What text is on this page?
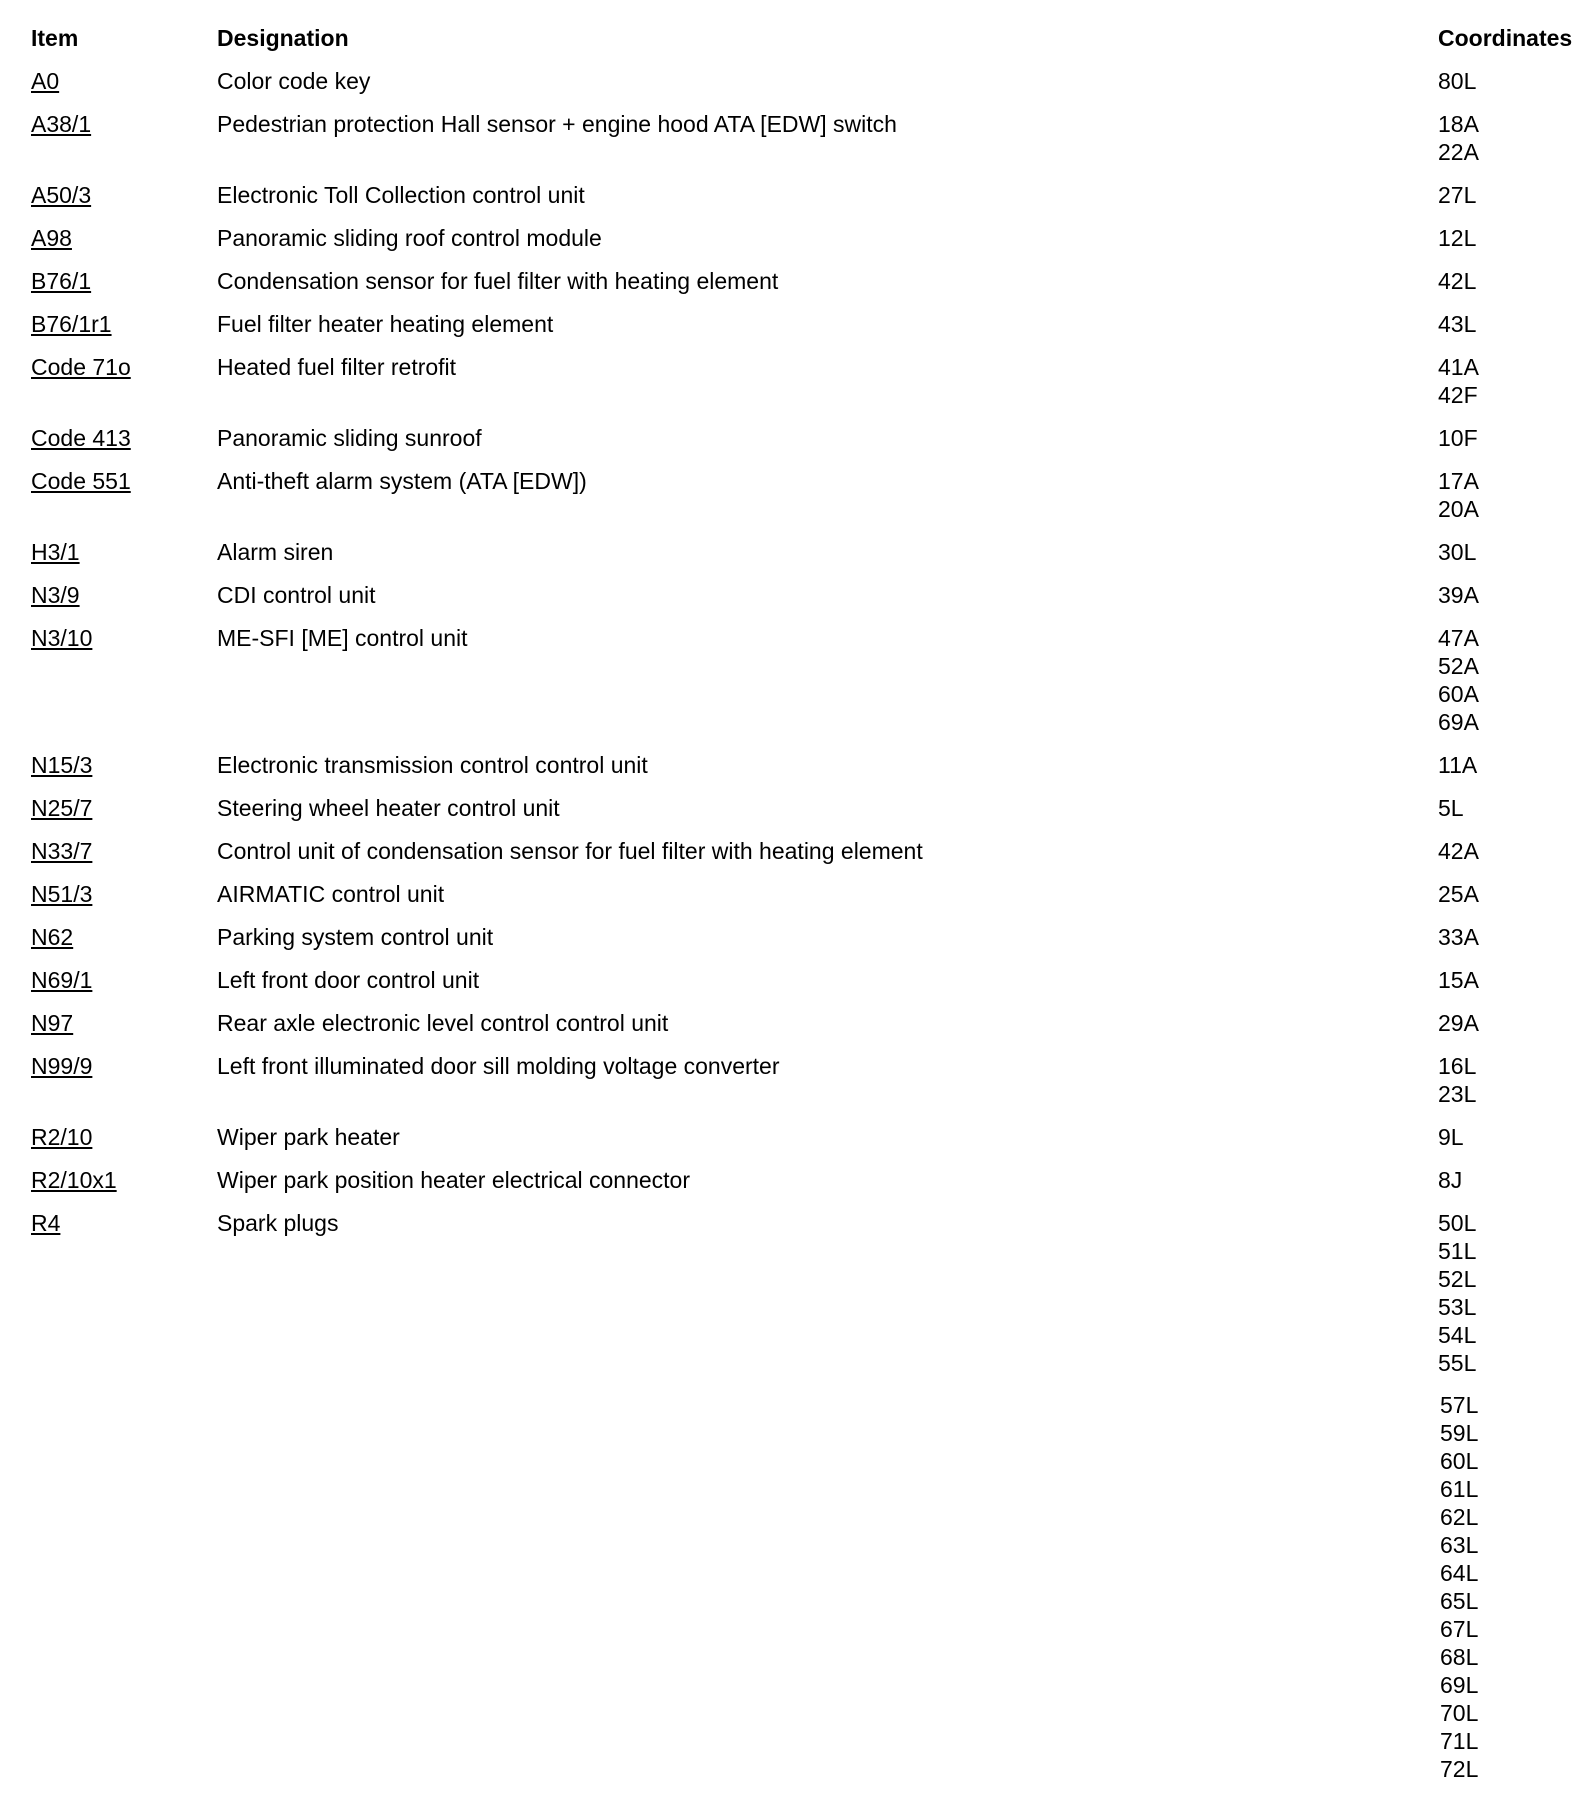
Item	Designation	Coordinates
A0	Color code key	80L
A38/1	Pedestrian protection Hall sensor + engine hood ATA [EDW] switch	18A
22A
A50/3	Electronic Toll Collection control unit	27L
A98	Panoramic sliding roof control module	12L
B76/1	Condensation sensor for fuel filter with heating element	42L
B76/1r1	Fuel filter heater heating element	43L
Code 71o	Heated fuel filter retrofit	41A
42F
Code 413	Panoramic sliding sunroof	10F
Code 551	Anti-theft alarm system (ATA [EDW])	17A
20A
H3/1	Alarm siren	30L
N3/9	CDI control unit	39A
N3/10	ME-SFI [ME] control unit	47A
52A
60A
69A
N15/3	Electronic transmission control control unit	11A
N25/7	Steering wheel heater control unit	5L
N33/7	Control unit of condensation sensor for fuel filter with heating element	42A
N51/3	AIRMATIC control unit	25A
N62	Parking system control unit	33A
N69/1	Left front door control unit	15A
N97	Rear axle electronic level control control unit	29A
N99/9	Left front illuminated door sill molding voltage converter	16L
23L
R2/10	Wiper park heater	9L
R2/10x1	Wiper park position heater electrical connector	8J
R4	Spark plugs	50L
51L
52L
53L
54L
55L
57L
59L
60L
61L
62L
63L
64L
65L
67L
68L
69L
70L
71L
72L
